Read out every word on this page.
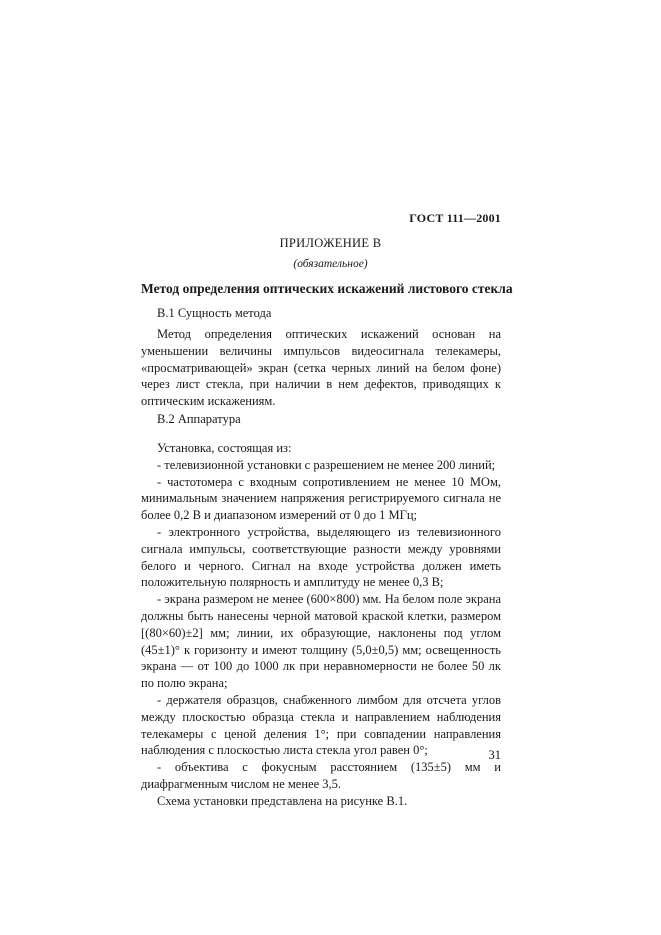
ГОСТ 111—2001
ПРИЛОЖЕНИЕ В
(обязательное)
Метод определения оптических искажений листового стекла
В.1 Сущность метода

Метод определения оптических искажений основан на уменьшении величины импульсов видеосигнала телекамеры, «просматривающей» экран (сетка черных линий на белом фоне) через лист стекла, при наличии в нем дефектов, приводящих к оптическим искажениям.

В.2 Аппаратура

Установка, состоящая из:

- телевизионной установки с разрешением не менее 200 линий;

- частотомера с входным сопротивлением не менее 10 МОм, минимальным значением напряжения регистрируемого сигнала не более 0,2 В и диапазоном измерений от 0 до 1 МГц;

- электронного устройства, выделяющего из телевизионного сигнала импульсы, соответствующие разности между уровнями белого и черного. Сигнал на входе устройства должен иметь положительную полярность и амплитуду не менее 0,3 В;

- экрана размером не менее (600×800) мм. На белом поле экрана должны быть нанесены черной матовой краской клетки, размером [(80×60)±2] мм; линии, их образующие, наклонены под углом (45±1)° к горизонту и имеют толщину (5,0±0,5) мм; освещенность экрана — от 100 до 1000 лк при неравномерности не более 50 лк по полю экрана;

- держателя образцов, снабженного лимбом для отсчета углов между плоскостью образца стекла и направлением наблюдения телекамеры с ценой деления 1°; при совпадении направления наблюдения с плоскостью листа стекла угол равен 0°;

- объектива с фокусным расстоянием (135±5) мм и диафрагменным числом не менее 3,5.

Схема установки представлена на рисунке В.1.

31
